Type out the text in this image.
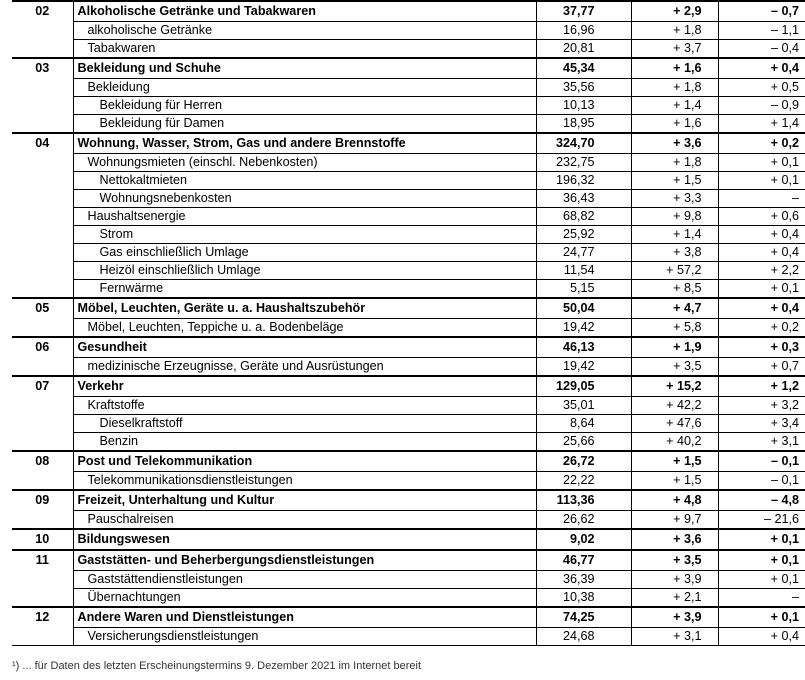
02	Alkoholische Getränke und Tabakwaren	37,77	+ 2,9	– 0,7
	alkoholische Getränke	16,96	+ 1,8	– 1,1
	Tabakwaren	20,81	+ 3,7	– 0,4
03	Bekleidung und Schuhe	45,34	+ 1,6	+ 0,4
	Bekleidung	35,56	+ 1,8	+ 0,5
	Bekleidung für Herren	10,13	+ 1,4	– 0,9
	Bekleidung für Damen	18,95	+ 1,6	+ 1,4
04	Wohnung, Wasser, Strom, Gas und andere Brennstoffe	324,70	+ 3,6	+ 0,2
	Wohnungsmieten (einschl. Nebenkosten)	232,75	+ 1,8	+ 0,1
	Nettokaltmieten	196,32	+ 1,5	+ 0,1
	Wohnungsnebenkosten	36,43	+ 3,3	–
	Haushaltsenergie	68,82	+ 9,8	+ 0,6
	Strom	25,92	+ 1,4	+ 0,4
	Gas einschließlich Umlage	24,77	+ 3,8	+ 0,4
	Heizöl einschließlich Umlage	11,54	+ 57,2	+ 2,2
	Fernwärme	5,15	+ 8,5	+ 0,1
05	Möbel, Leuchten, Geräte u. a. Haushaltszubehör	50,04	+ 4,7	+ 0,4
	Möbel, Leuchten, Teppiche u. a. Bodenbeläge	19,42	+ 5,8	+ 0,2
06	Gesundheit	46,13	+ 1,9	+ 0,3
	medizinische Erzeugnisse, Geräte und Ausrüstungen	19,42	+ 3,5	+ 0,7
07	Verkehr	129,05	+ 15,2	+ 1,2
	Kraftstoffe	35,01	+ 42,2	+ 3,2
	Dieselkraftstoff	8,64	+ 47,6	+ 3,4
	Benzin	25,66	+ 40,2	+ 3,1
08	Post und Telekommunikation	26,72	+ 1,5	– 0,1
	Telekommunikationsdienstleistungen	22,22	+ 1,5	– 0,1
09	Freizeit, Unterhaltung und Kultur	113,36	+ 4,8	– 4,8
	Pauschalreisen	26,62	+ 9,7	– 21,6
10	Bildungswesen	9,02	+ 3,6	+ 0,1
11	Gaststätten- und Beherbergungsdienstleistungen	46,77	+ 3,5	+ 0,1
	Gaststättendienstleistungen	36,39	+ 3,9	+ 0,1
	Übernachtungen	10,38	+ 2,1	–
12	Andere Waren und Dienstleistungen	74,25	+ 3,9	+ 0,1
	Versicherungsdienstleistungen	24,68	+ 3,1	+ 0,4
¹) ... für Daten des letzten Erscheinungstermins 9. Dezember 2021 im Internet bereit
